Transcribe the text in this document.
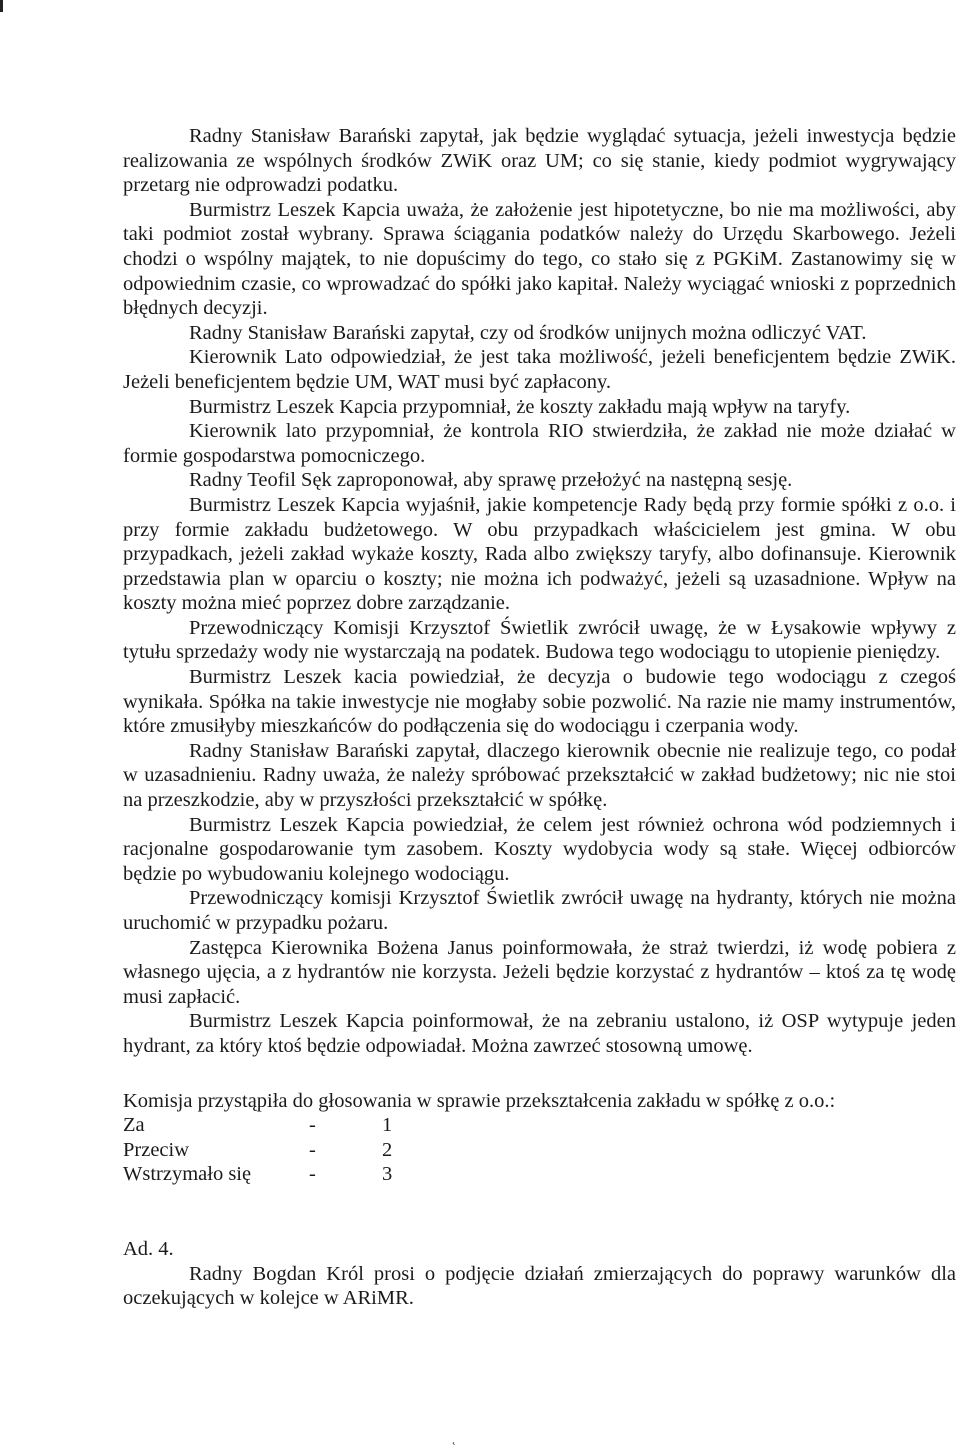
Radny Stanisław Barański zapytał, jak będzie wyglądać sytuacja, jeżeli inwestycja będzie realizowania ze wspólnych środków ZWiK oraz UM; co się stanie, kiedy podmiot wygrywający przetarg nie odprowadzi podatku.

Burmistrz Leszek Kapcia uważa, że założenie jest hipotetyczne, bo nie ma możliwości, aby taki podmiot został wybrany. Sprawa ściągania podatków należy do Urzędu Skarbowego. Jeżeli chodzi o wspólny majątek, to nie dopuścimy do tego, co stało się z PGKiM. Zastanowimy się w odpowiednim czasie, co wprowadzać do spółki jako kapitał. Należy wyciągać wnioski z poprzednich błędnych decyzji.

Radny Stanisław Barański zapytał, czy od środków unijnych można odliczyć VAT.

Kierownik Lato odpowiedział, że jest taka możliwość, jeżeli beneficjentem będzie ZWiK. Jeżeli beneficjentem będzie UM, WAT musi być zapłacony.

Burmistrz Leszek Kapcia przypomniał, że koszty zakładu mają wpływ na taryfy.

Kierownik lato przypomniał, że kontrola RIO stwierdziła, że zakład nie może działać w formie gospodarstwa pomocniczego.

Radny Teofil Sęk zaproponował, aby sprawę przełożyć na następną sesję.

Burmistrz Leszek Kapcia wyjaśnił, jakie kompetencje Rady będą przy formie spółki z o.o. i przy formie zakładu budżetowego. W obu przypadkach właścicielem jest gmina. W obu przypadkach, jeżeli zakład wykaże koszty, Rada albo zwiększy taryfy, albo dofinansuje. Kierownik przedstawia plan w oparciu o koszty; nie można ich podważyć, jeżeli są uzasadnione. Wpływ na koszty można mieć poprzez dobre zarządzanie.

Przewodniczący Komisji Krzysztof Świetlik zwrócił uwagę, że w Łysakowie wpływy z tytułu sprzedaży wody nie wystarczają na podatek. Budowa tego wodociągu to utopienie pieniędzy.

Burmistrz Leszek kacia powiedział, że decyzja o budowie tego wodociągu z czegoś wynikała. Spółka na takie inwestycje nie mogłaby sobie pozwolić. Na razie nie mamy instrumentów, które zmusiłyby mieszkańców do podłączenia się do wodociągu i czerpania wody.

Radny Stanisław Barański zapytał, dlaczego kierownik obecnie nie realizuje tego, co podał w uzasadnieniu. Radny uważa, że należy spróbować przekształcić w zakład budżetowy; nic nie stoi na przeszkodzie, aby w przyszłości przekształcić w spółkę.

Burmistrz Leszek Kapcia powiedział, że celem jest również ochrona wód podziemnych i racjonalne gospodarowanie tym zasobem. Koszty wydobycia wody są stałe. Więcej odbiorców będzie po wybudowaniu kolejnego wodociągu.

Przewodniczący komisji Krzysztof Świetlik zwrócił uwagę na hydranty, których nie można uruchomić w przypadku pożaru.

Zastępca Kierownika Bożena Janus poinformowała, że straż twierdzi, iż wodę pobiera z własnego ujęcia, a z hydrantów nie korzysta. Jeżeli będzie korzystać z hydrantów – ktoś za tę wodę musi zapłacić.

Burmistrz Leszek Kapcia poinformował, że na zebraniu ustalono, iż OSP wytypuje jeden hydrant, za który ktoś będzie odpowiadał. Można zawrzeć stosowną umowę.

Komisja przystąpiła do głosowania w sprawie przekształcenia zakładu w spółkę z o.o.:

Za	-	1
Przeciw	-	2
Wstrzymało się	-	3

Ad. 4.

Radny Bogdan Król prosi o podjęcie działań zmierzających do poprawy warunków dla oczekujących w kolejce w ARiMR.

˛
